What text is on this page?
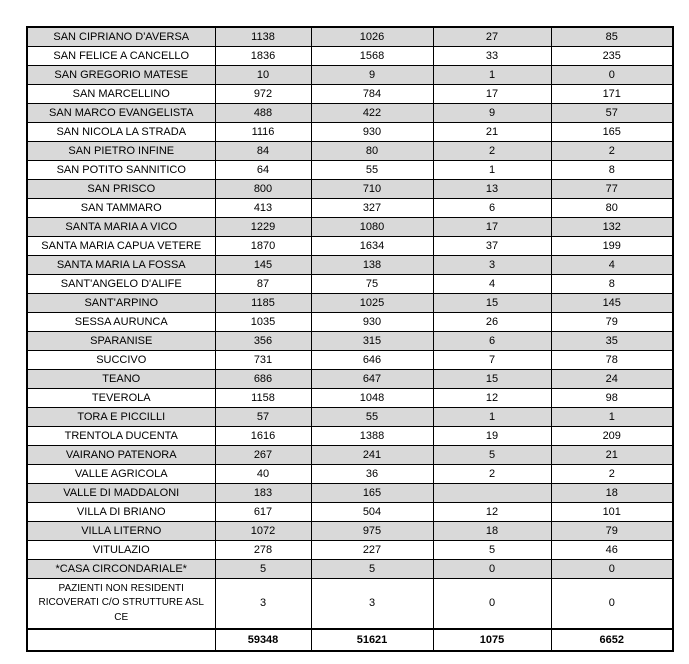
SAN CIPRIANO D'AVERSA	1138	1026	27	85
SAN FELICE A CANCELLO	1836	1568	33	235
SAN GREGORIO MATESE	10	9	1	0
SAN MARCELLINO	972	784	17	171
SAN MARCO EVANGELISTA	488	422	9	57
SAN NICOLA LA STRADA	1116	930	21	165
SAN PIETRO INFINE	84	80	2	2
SAN POTITO SANNITICO	64	55	1	8
SAN PRISCO	800	710	13	77
SAN TAMMARO	413	327	6	80
SANTA MARIA A VICO	1229	1080	17	132
SANTA MARIA CAPUA VETERE	1870	1634	37	199
SANTA MARIA LA FOSSA	145	138	3	4
SANT'ANGELO D'ALIFE	87	75	4	8
SANT'ARPINO	1185	1025	15	145
SESSA AURUNCA	1035	930	26	79
SPARANISE	356	315	6	35
SUCCIVO	731	646	7	78
TEANO	686	647	15	24
TEVEROLA	1158	1048	12	98
TORA E PICCILLI	57	55	1	1
TRENTOLA DUCENTA	1616	1388	19	209
VAIRANO PATENORA	267	241	5	21
VALLE AGRICOLA	40	36	2	2
VALLE DI MADDALONI	183	165		18
VILLA DI BRIANO	617	504	12	101
VILLA LITERNO	1072	975	18	79
VITULAZIO	278	227	5	46
*CASA CIRCONDARIALE*	5	5	0	0
PAZIENTI NON RESIDENTI RICOVERATI C/O STRUTTURE ASL CE	3	3	0	0
	59348	51621	1075	6652
